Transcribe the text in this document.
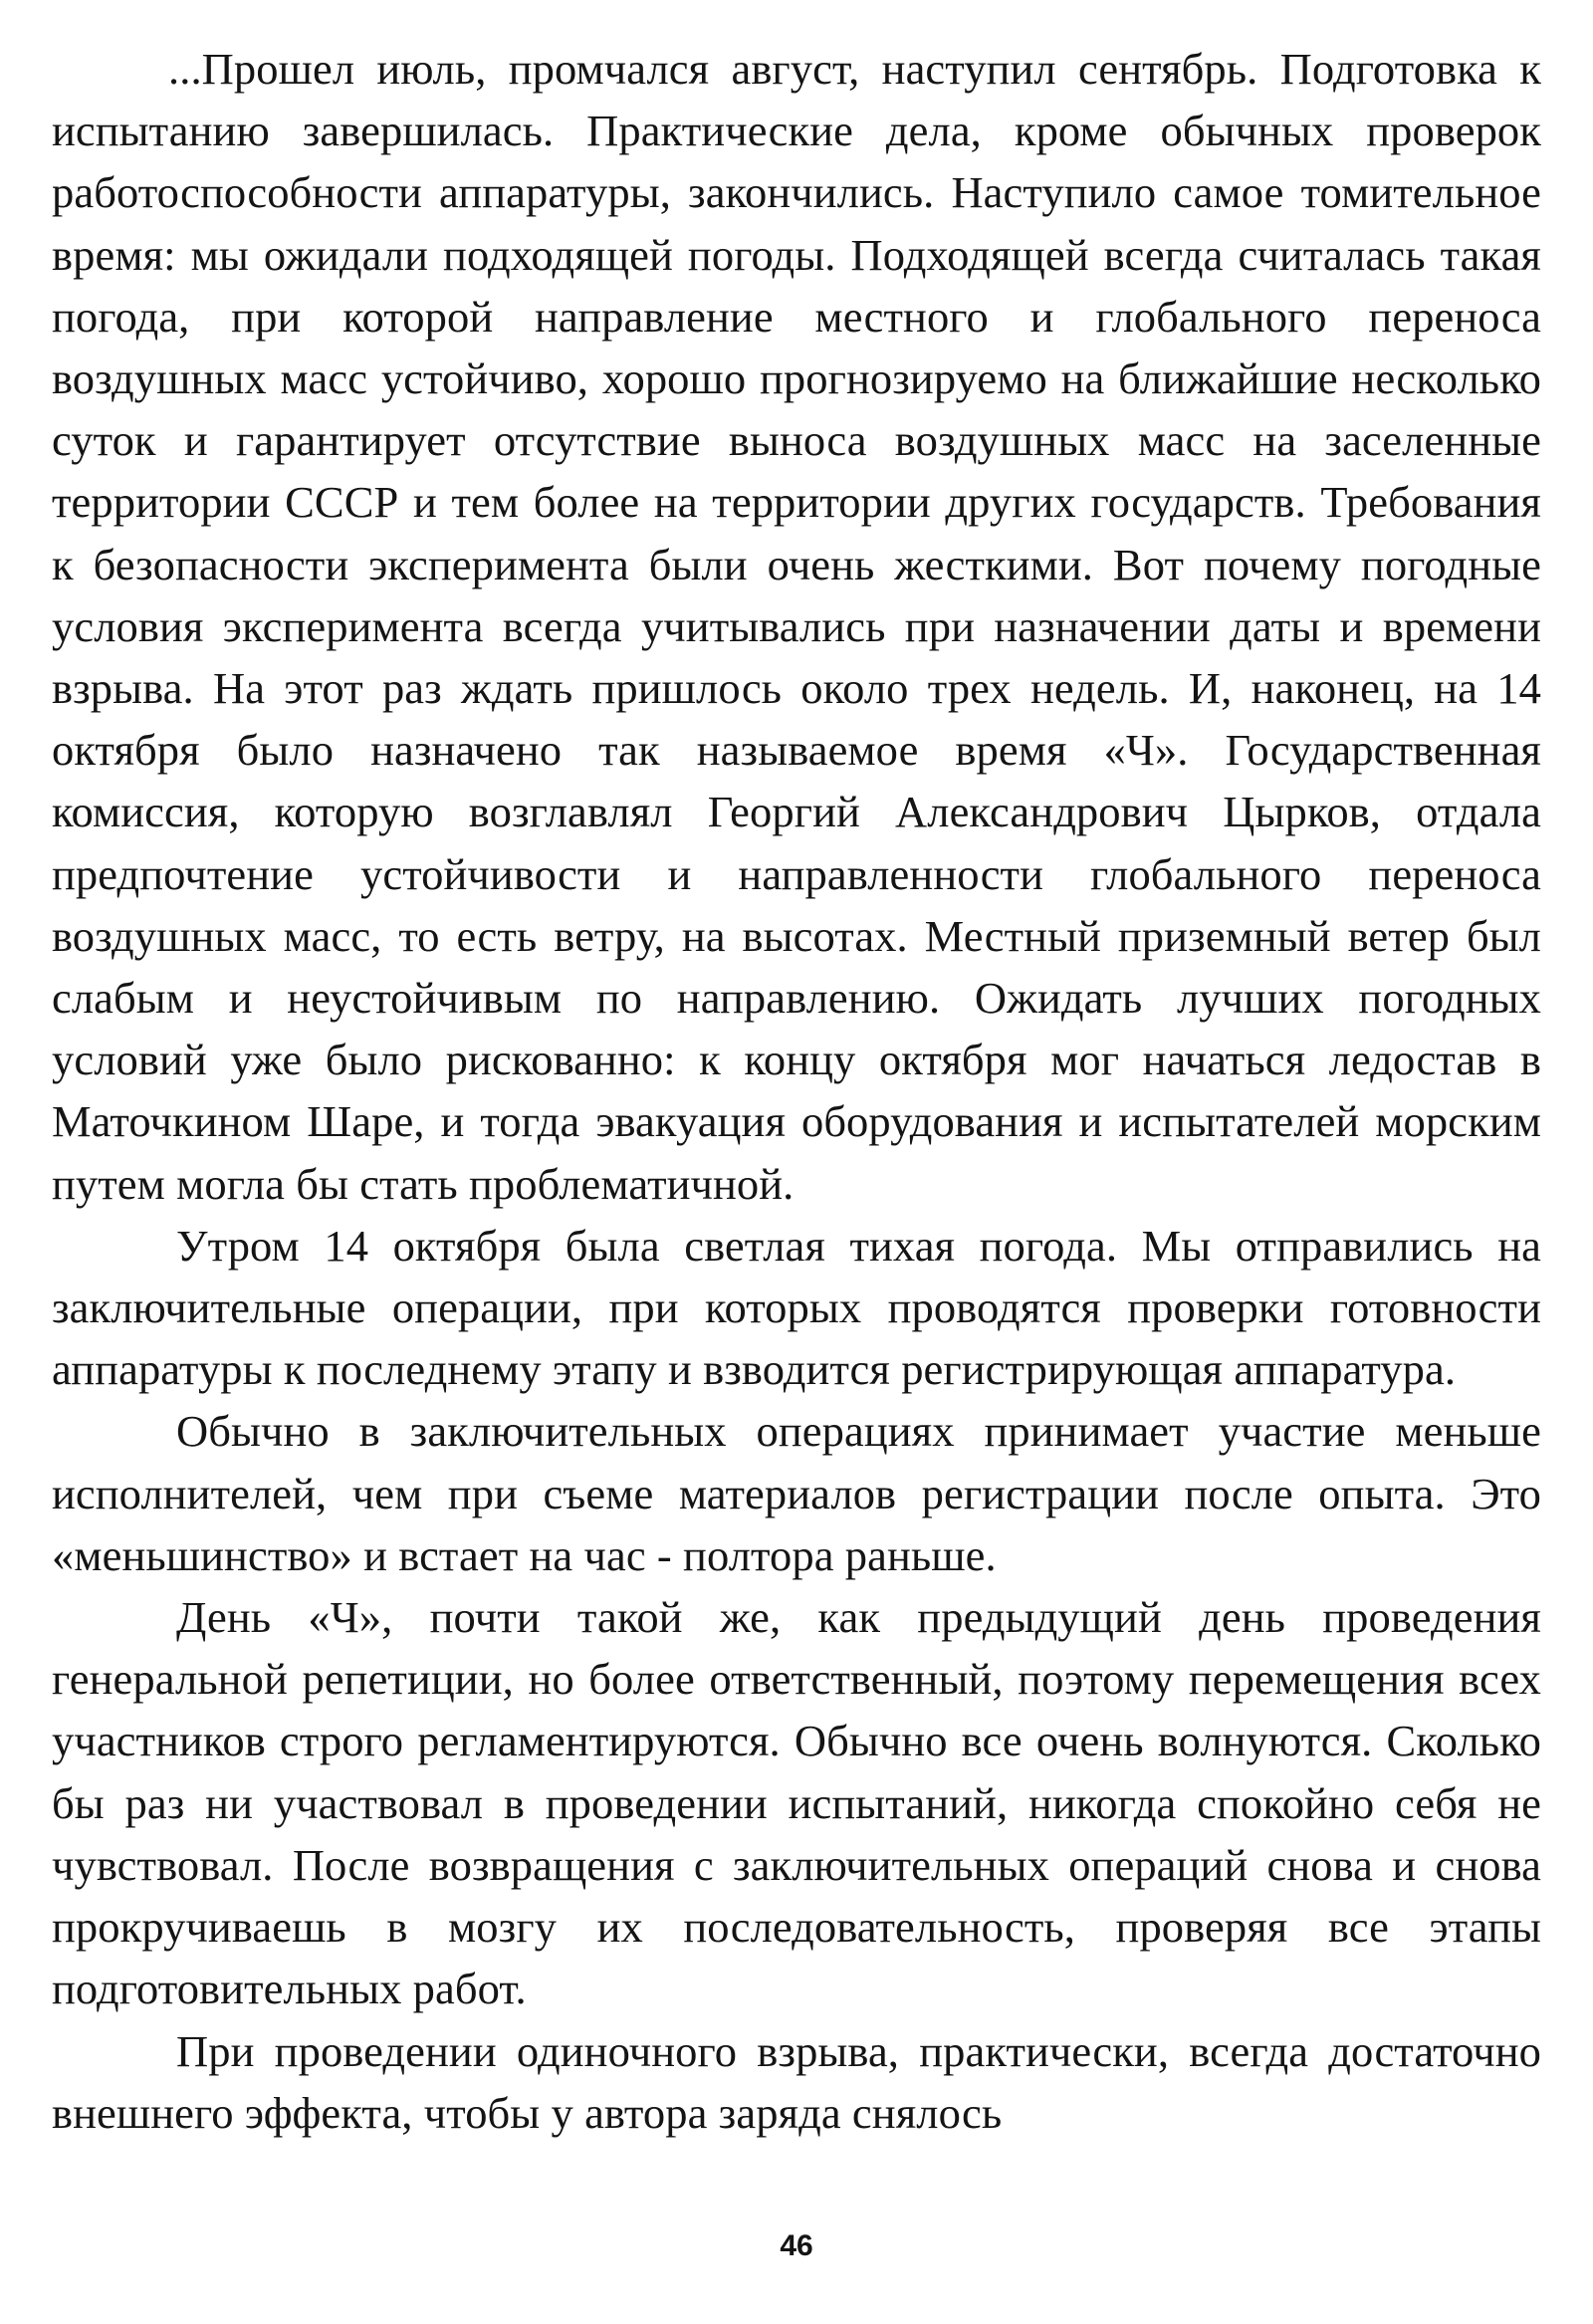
...Прошел июль, промчался август, наступил сентябрь. Подготовка к испытанию завершилась. Практические дела, кроме обычных проверок работоспособности аппаратуры, закончились. Наступило самое томительное время: мы ожидали подходящей погоды. Подходящей всегда считалась такая погода, при которой направление местного и глобального переноса воздушных масс устойчиво, хорошо прогнозируемо на ближайшие несколько суток и гарантирует отсутствие выноса воздушных масс на заселенные территории СССР и тем более на территории других государств. Требования к безопасности эксперимента были очень жесткими. Вот почему погодные условия эксперимента всегда учитывались при назначении даты и времени взрыва. На этот раз ждать пришлось около трех недель. И, наконец, на 14 октября было назначено так называемое время «Ч». Государственная комиссия, которую возглавлял Георгий Александрович Цырков, отдала предпочтение устойчивости и направленности глобального переноса воздушных масс, то есть ветру, на высотах. Местный приземный ветер был слабым и неустойчивым по направлению. Ожидать лучших погодных условий уже было рискованно: к концу октября мог начаться ледостав в Маточкином Шаре, и тогда эвакуация оборудования и испытателей морским путем могла бы стать проблематичной.

Утром 14 октября была светлая тихая погода. Мы отправились на заключительные операции, при которых проводятся проверки готовности аппаратуры к последнему этапу и взводится регистрирующая аппаратура.

Обычно в заключительных операциях принимает участие меньше исполнителей, чем при съеме материалов регистрации после опыта. Это «меньшинство» и встает на час - полтора раньше.

День «Ч», почти такой же, как предыдущий день проведения генеральной репетиции, но более ответственный, поэтому перемещения всех участников строго регламентируются. Обычно все очень волнуются. Сколько бы раз ни участвовал в проведении испытаний, никогда спокойно себя не чувствовал. После возвращения с заключительных операций снова и снова прокручиваешь в мозгу их последовательность, проверяя все этапы подготовительных работ.

При проведении одиночного взрыва, практически, всегда достаточно внешнего эффекта, чтобы у автора заряда снялось

46
